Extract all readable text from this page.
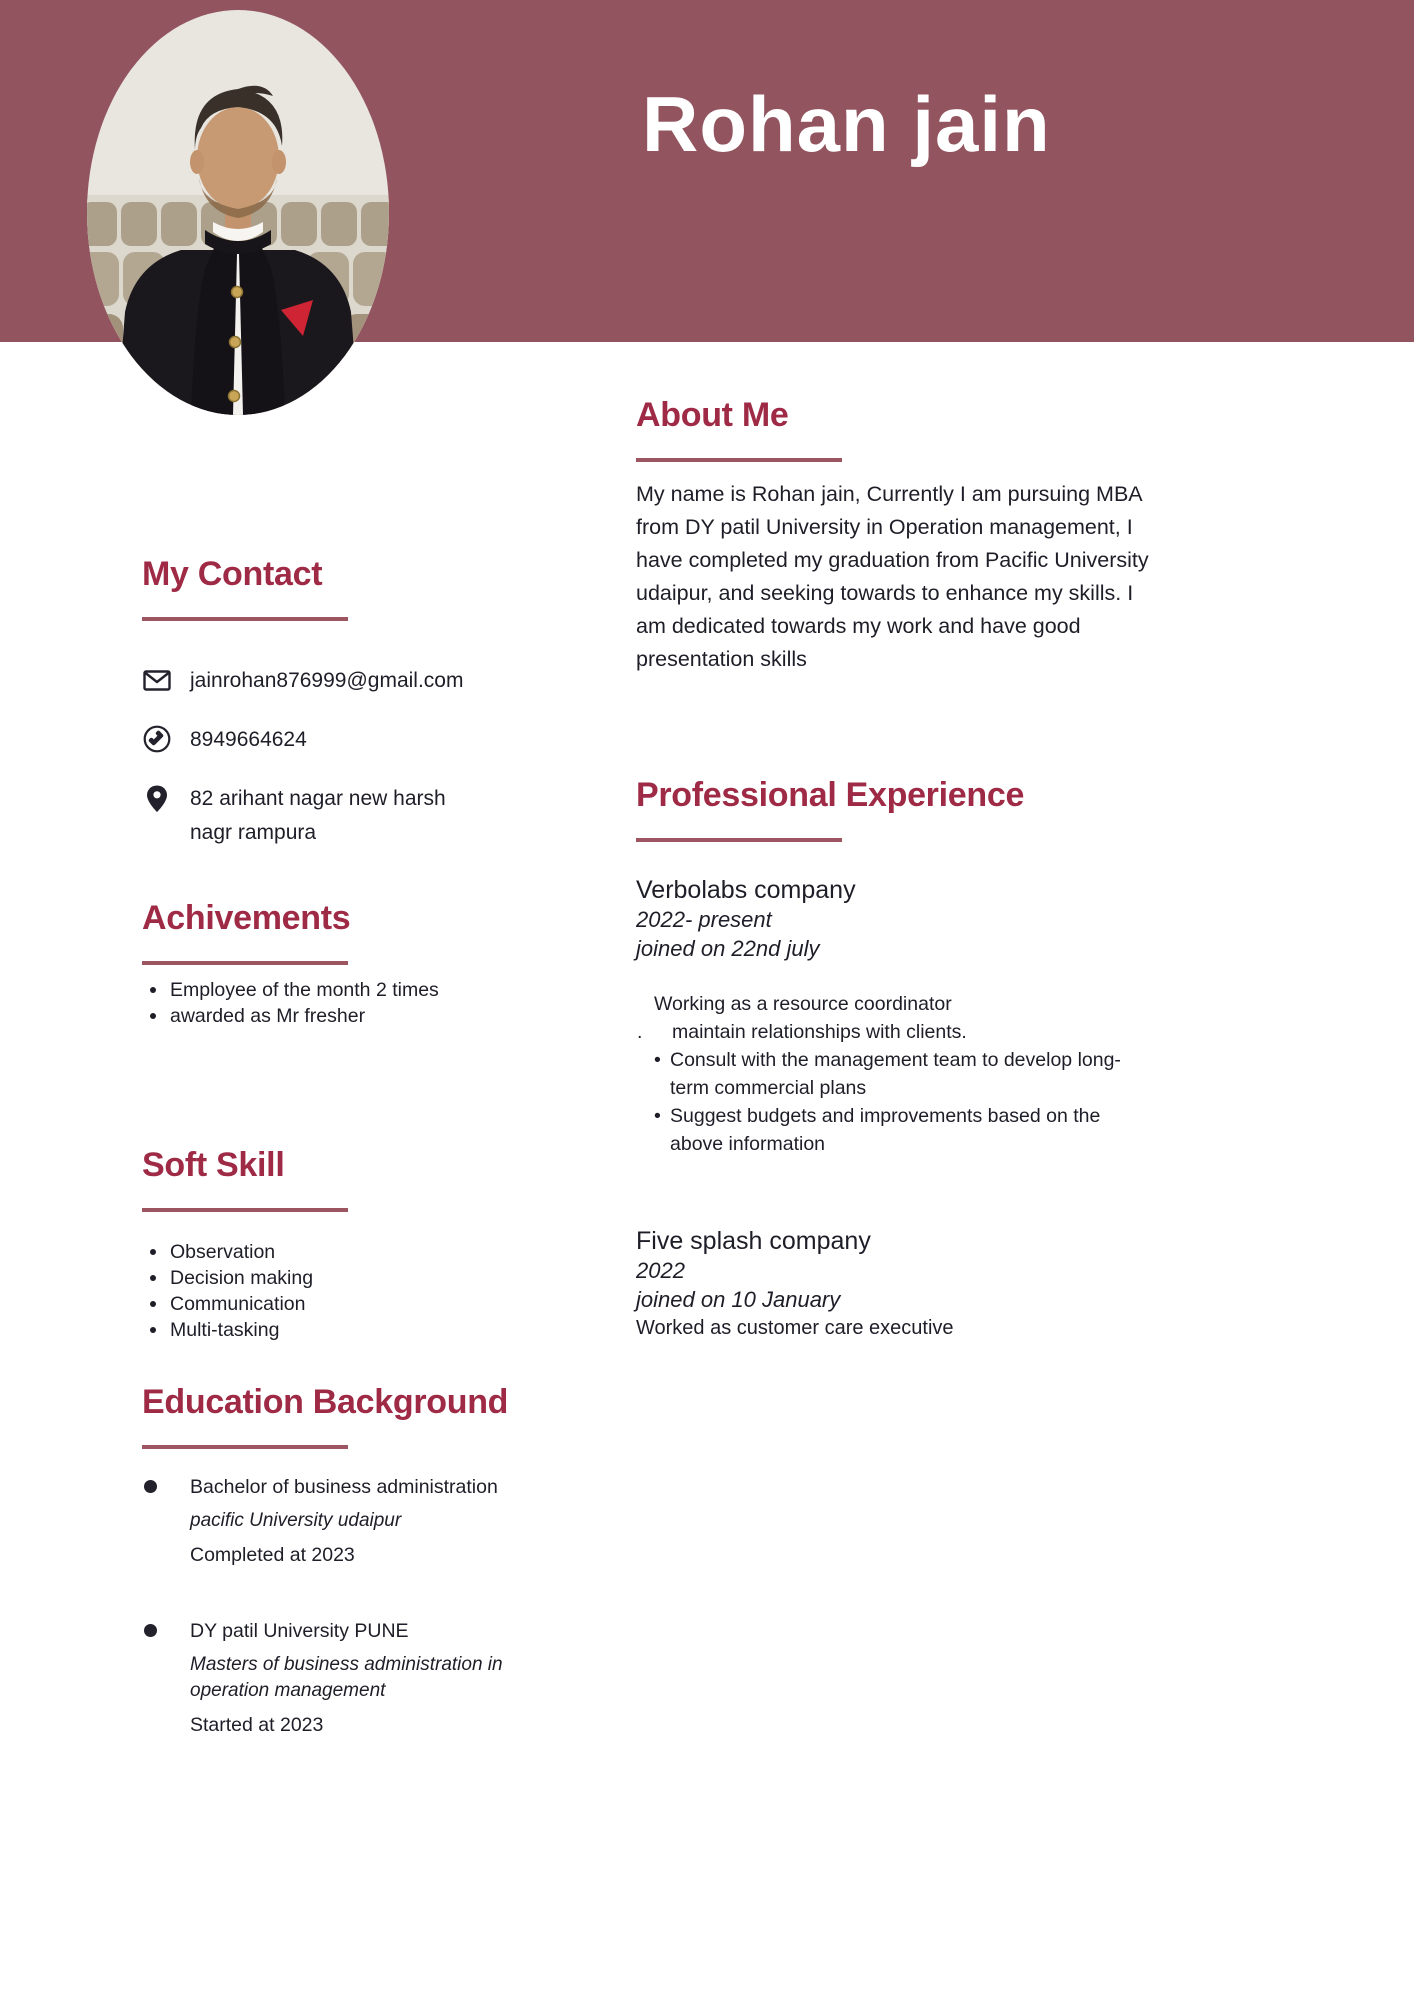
Rohan jain
About Me

My name is Rohan jain, Currently I am pursuing MBA from DY patil University in Operation management, I have completed my graduation from Pacific University udaipur, and seeking towards to enhance my skills. I am dedicated towards my work and have good presentation skills

My Contact
jainrohan876999@gmail.com
8949664624
82 arihant nagar new harsh nagr rampura
Professional Experience
Verbolabs company
2022- present
joined on 22nd july
Working as a resource coordinator
. maintain relationships with clients.
• Consult with the management team to develop long-term commercial plans
• Suggest budgets and improvements based on the above information
Five splash company
2022
joined on 10 January
Worked as customer care executive
Achivements
Employee of the month 2 times
awarded as Mr fresher
Soft Skill
Observation
Decision making
Communication
Multi-tasking
Education Background
Bachelor of business administration
pacific University udaipur
Completed at 2023
DY patil University PUNE
Masters of business administration in operation management
Started at 2023
